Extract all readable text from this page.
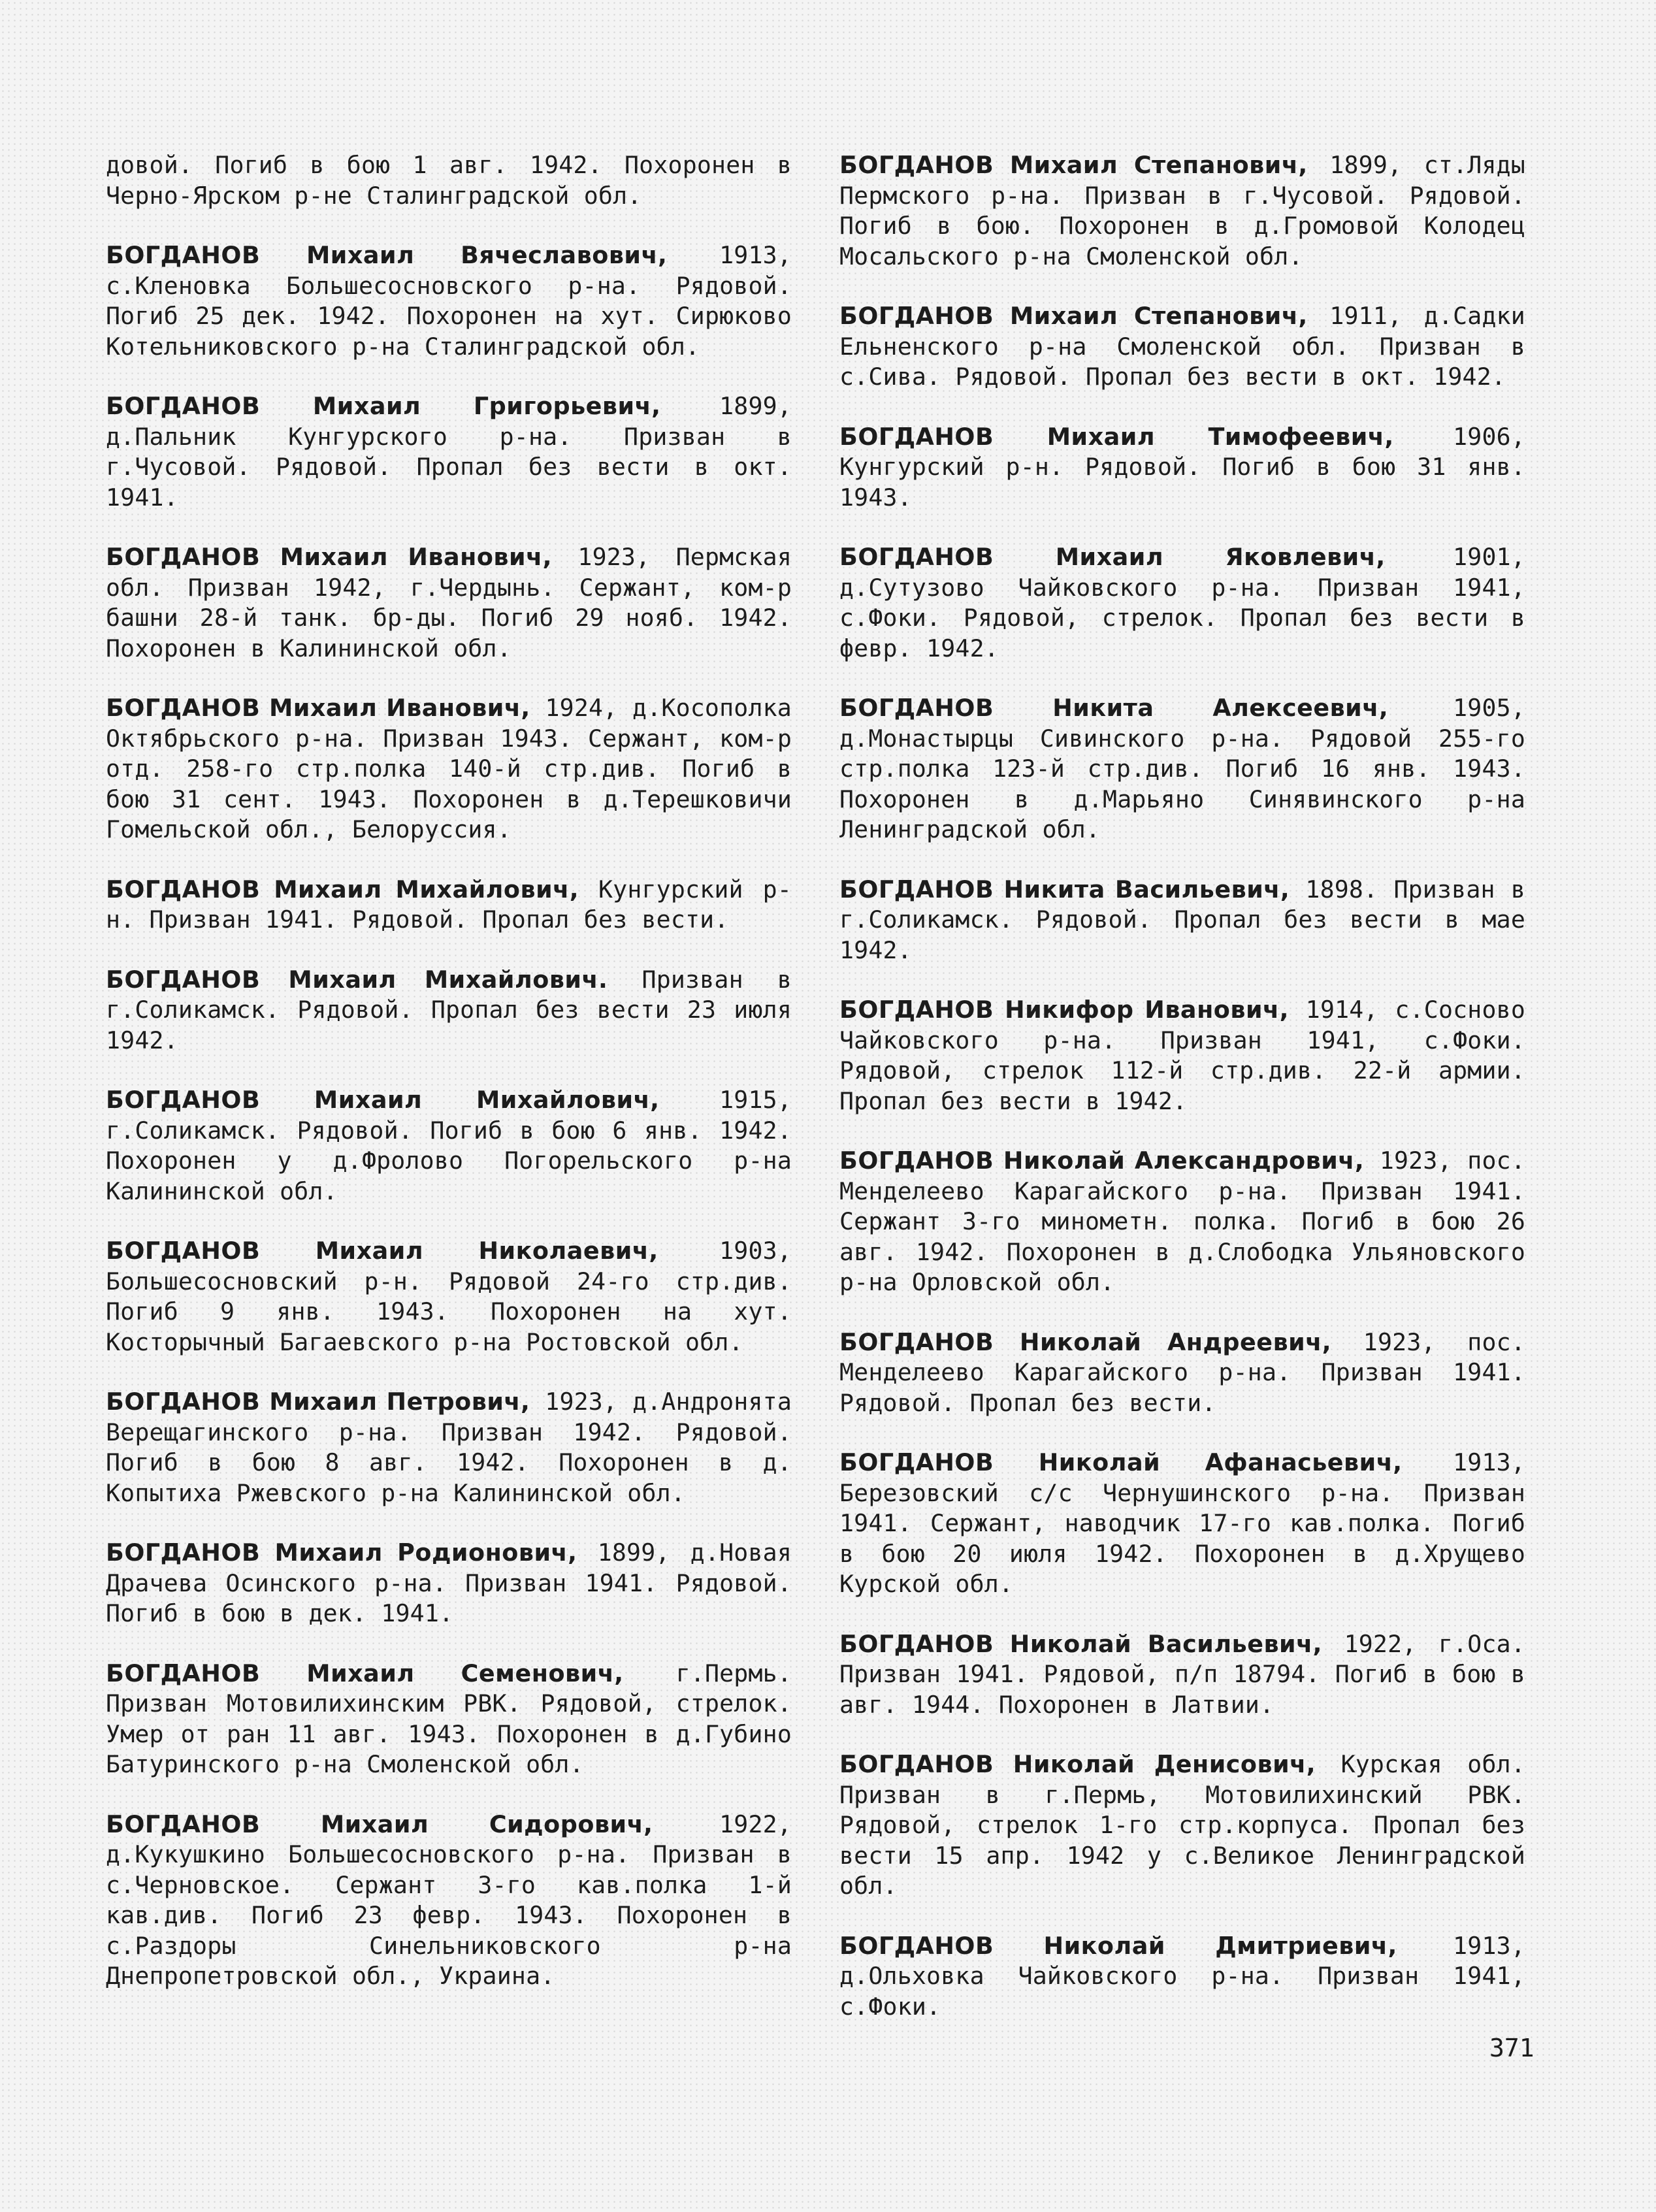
довой. Погиб в бою 1 авг. 1942. Похоронен в Черно-Ярском р-не Сталинградской обл.

БОГДАНОВ Михаил Вячеславович, 1913, с.Кленовка Большесосновского р-на. Рядовой. Погиб 25 дек. 1942. Похоронен на хут. Сирюково Котельниковского р-на Сталинградской обл.

БОГДАНОВ Михаил Григорьевич, 1899, д.Пальник Кунгурского р-на. Призван в г.Чусовой. Рядовой. Пропал без вести в окт. 1941.

БОГДАНОВ Михаил Иванович, 1923, Пермская обл. Призван 1942, г.Чердынь. Сержант, ком-р башни 28-й танк. бр-ды. Погиб 29 нояб. 1942. Похоронен в Калининской обл.

БОГДАНОВ Михаил Иванович, 1924, д.Косополка Октябрьского р-на. Призван 1943. Сержант, ком-р отд. 258-го стр.полка 140-й стр.див. Погиб в бою 31 сент. 1943. Похоронен в д.Терешковичи Гомельской обл., Белоруссия.

БОГДАНОВ Михаил Михайлович, Кунгурский р-н. Призван 1941. Рядовой. Пропал без вести.

БОГДАНОВ Михаил Михайлович. Призван в г.Соликамск. Рядовой. Пропал без вести 23 июля 1942.

БОГДАНОВ Михаил Михайлович,	1915, г.Соликамск. Рядовой. Погиб в бою 6 янв. 1942. Похоронен у д.Фролово Погорельского р-на Калининской обл.

БОГДАНОВ Михаил Николаевич,	1903, Большесосновский р-н. Рядовой 24-го стр.див. Погиб 9 янв. 1943. Похоронен на хут. Косторычный Багаевского р-на Ростовской обл.

БОГДАНОВ Михаил Петрович, 1923, д.Андронята Верещагинского р-на. Призван 1942. Рядовой. Погиб в бою 8 авг. 1942. Похоронен в д. Копытиха Ржевского р-на Калининской обл.

БОГДАНОВ Михаил Родионович, 1899, д.Новая Драчева Осинского р-на. Призван 1941. Рядовой. Погиб в бою в дек. 1941.

БОГДАНОВ Михаил Семенович, г.Пермь. Призван Мотовилихинским РВК. Рядовой, стрелок. Умер от ран 11 авг. 1943. Похоронен в д.Губино Батуринского р-на Смоленской обл.

БОГДАНОВ Михаил Сидорович,	1922, д.Кукушкино Большесосновского р-на. Призван в с.Черновское. Сержант 3-го кав.полка 1-й кав.див. Погиб 23 февр. 1943. Похоронен в с.Раздоры Синельниковского р-на Днепропетровской обл., Украина.

БОГДАНОВ Михаил Степанович, 1899, ст.Ляды Пермского р-на. Призван в г.Чусовой. Рядовой. Погиб в бою. Похоронен в д.Громовой Колодец Мосальского р-на Смоленской обл.

БОГДАНОВ Михаил Степанович, 1911, д.Садки Ельненского р-на Смоленской обл. Призван в с.Сива. Рядовой. Пропал без вести в окт. 1942.

БОГДАНОВ Михаил Тимофеевич, 1906, Кунгурский р-н. Рядовой. Погиб в бою 31 янв. 1943.

БОГДАНОВ Михаил Яковлевич,	1901, д.Сутузово Чайковского р-на. Призван 1941, с.Фоки. Рядовой, стрелок. Пропал без вести в февр. 1942.

БОГДАНОВ Никита Алексеевич,	1905, д.Монастырцы Сивинского р-на. Рядовой 255-го стр.полка 123-й стр.див. Погиб 16 янв. 1943. Похоронен в д.Марьяно Синявинского р-на Ленинградской обл.

БОГДАНОВ Никита Васильевич, 1898. Призван в г.Соликамск. Рядовой. Пропал без вести в мае 1942.

БОГДАНОВ Никифор Иванович, 1914, с.Сосново Чайковского р-на. Призван 1941, с.Фоки. Рядовой, стрелок 112-й стр.див. 22-й армии. Пропал без вести в 1942.

БОГДАНОВ Николай Александрович, 1923, пос. Менделеево Карагайского р-на. Призван 1941. Сержант 3-го минометн. полка. Погиб в бою 26 авг. 1942. Похоронен в д.Слободка Ульяновского р-на Орловской обл.

БОГДАНОВ Николай Андреевич, 1923, пос. Менделеево Карагайского р-на. Призван 1941. Рядовой. Пропал без вести.

БОГДАНОВ Николай Афанасьевич, 1913, Березовский с/с Чернушинского р-на. Призван 1941. Сержант, наводчик 17-го кав.полка. Погиб в бою 20 июля 1942. Похоронен в д.Хрущево Курской обл.

БОГДАНОВ Николай Васильевич, 1922, г.Оса. Призван 1941. Рядовой, п/п 18794. Погиб в бою в авг. 1944. Похоронен в Латвии.

БОГДАНОВ Николай Денисович, Курская обл. Призван в г.Пермь, Мотовилихинский РВК. Рядовой, стрелок 1-го стр.корпуса. Пропал без вести 15 апр. 1942 у с.Великое Ленинградской обл.

БОГДАНОВ Николай Дмитриевич, 1913, д.Ольховка Чайковского р-на. Призван 1941, с.Фоки.

371
